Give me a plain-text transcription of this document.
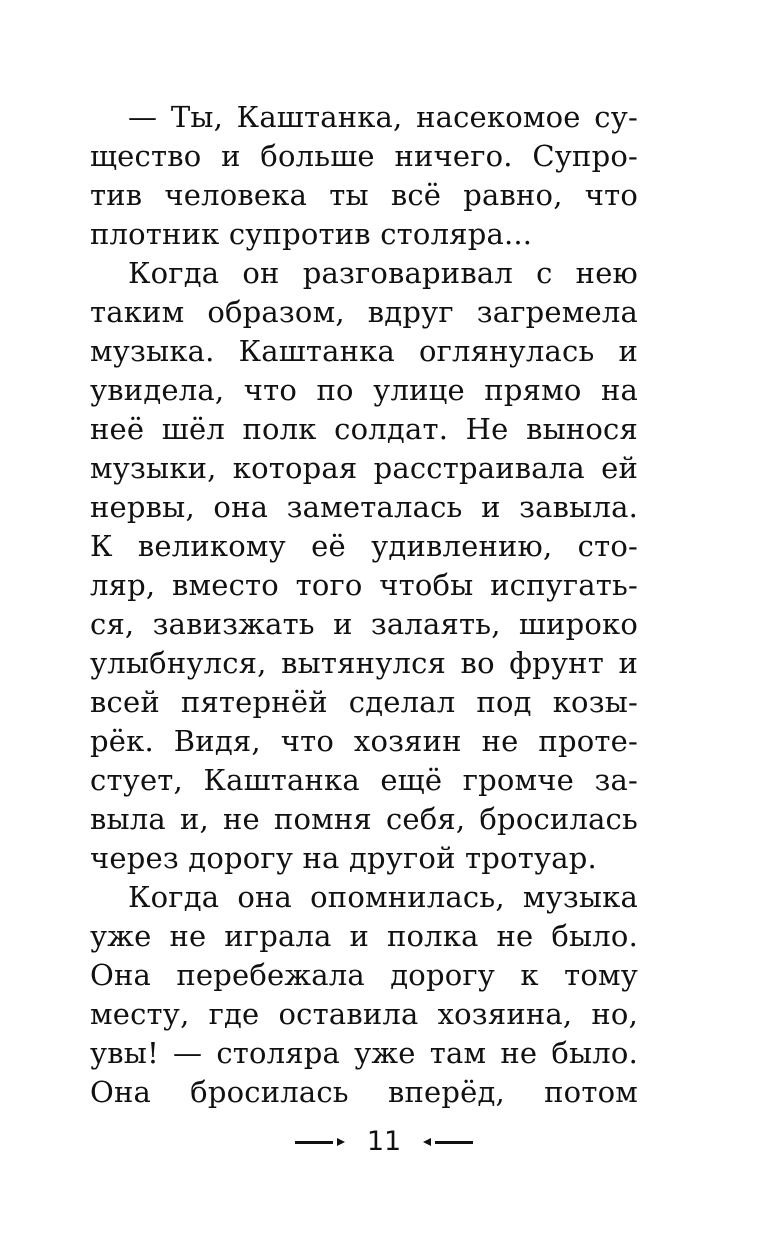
— Ты, Каштанка, насекомое су-
щество и больше ничего. Супро-
тив человека ты всё равно, что
плотник супротив столяра...
Когда он разговаривал с нею
таким образом, вдруг загремела
музыка. Каштанка оглянулась и
увидела, что по улице прямо на
неё шёл полк солдат. Не вынося
музыки, которая расстраивала ей
нервы, она заметалась и завыла.
К великому её удивлению, сто-
ляр, вместо того чтобы испугать-
ся, завизжать и залаять, широко
улыбнулся, вытянулся во фрунт и
всей пятернёй сделал под козы-
рёк. Видя, что хозяин не проте-
стует, Каштанка ещё громче за-
выла и, не помня себя, бросилась
через дорогу на другой тротуар.
Когда она опомнилась, музыка
уже не играла и полка не было.
Она перебежала дорогу к тому
месту, где оставила хозяина, но,
увы! — столяра уже там не было.
Она бросилась вперёд, потом
11
